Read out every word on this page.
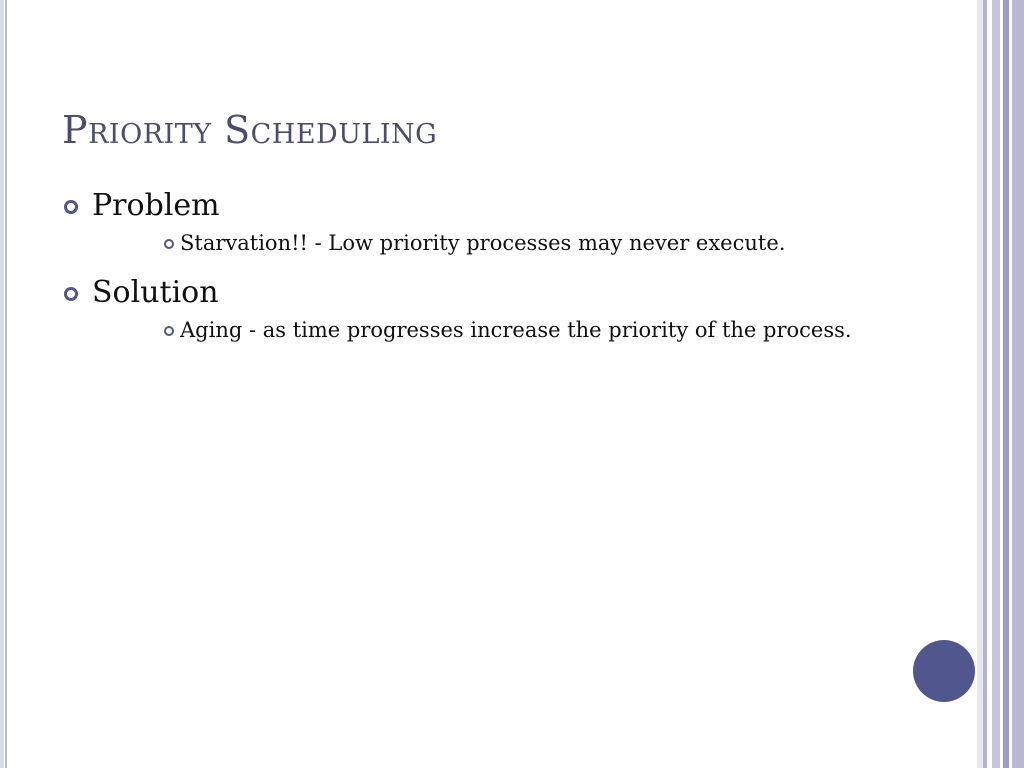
Priority Scheduling
Problem
Starvation!! - Low priority processes may never execute.
Solution
Aging - as time progresses increase the priority of the process.
